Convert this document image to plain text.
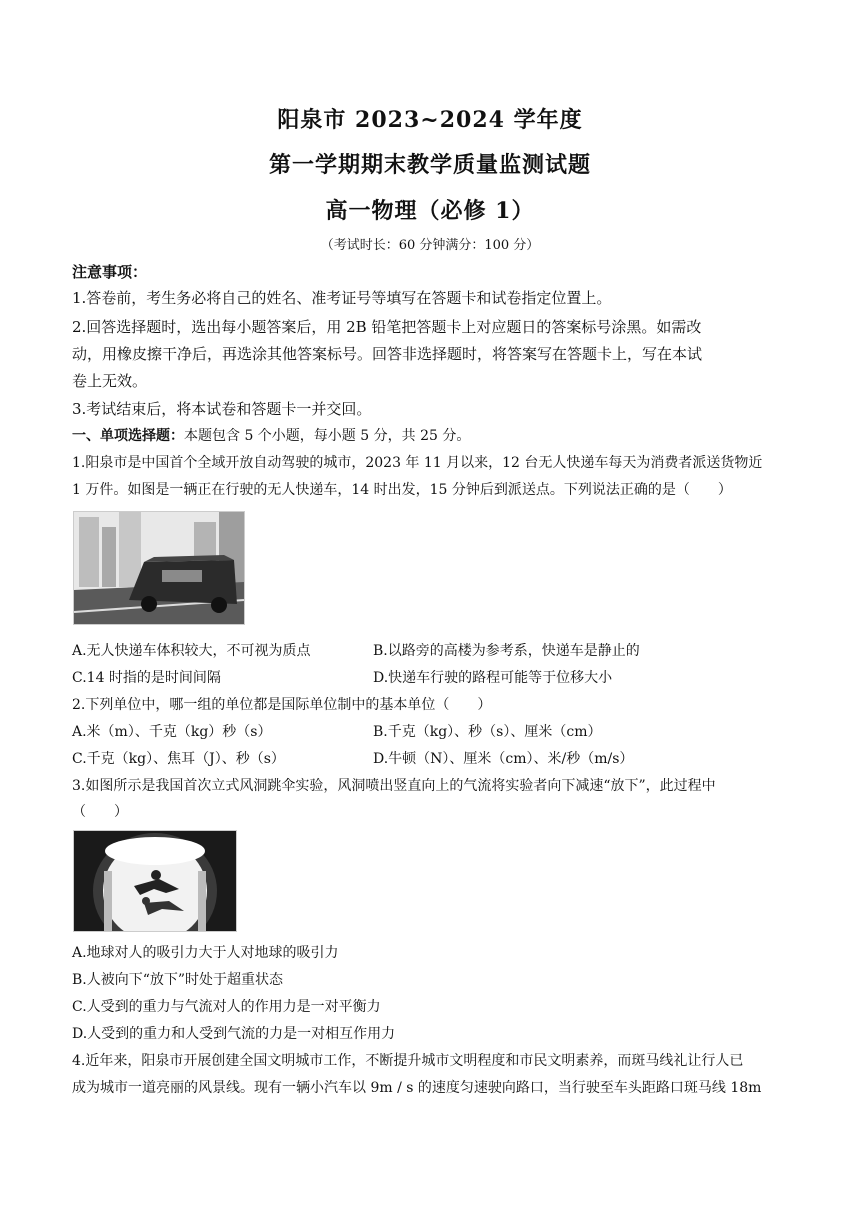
阳泉市 2023~2024 学年度
第一学期期末教学质量监测试题
高一物理（必修 1）
（考试时长：60 分钟满分：100 分）
注意事项：
1.答卷前，考生务必将自己的姓名、准考证号等填写在答题卡和试卷指定位置上。
2.回答选择题时，选出每小题答案后，用 2B 铅笔把答题卡上对应题日的答案标号涂黑。如需改
动，用橡皮擦干净后，再选涂其他答案标号。回答非选择题时，将答案写在答题卡上，写在本试
卷上无效。
3.考试结束后，将本试卷和答题卡一并交回。
一、单项选择题：本题包含 5 个小题，每小题 5 分，共 25 分。
1.阳泉市是中国首个全域开放自动驾驶的城市，2023 年 11 月以来，12 台无人快递车每天为消费者派送货物近
1 万件。如图是一辆正在行驶的无人快递车，14 时出发，15 分钟后到派送点。下列说法正确的是（　　）
A.无人快递车体积较大，不可视为质点	B.以路旁的高楼为参考系，快递车是静止的
C.14 时指的是时间间隔	D.快递车行驶的路程可能等于位移大小
2.下列单位中，哪一组的单位都是国际单位制中的基本单位（　　）
A.米（m）、千克（kg）秒（s）	B.千克（kg）、秒（s）、厘米（cm）
C.千克（kg）、焦耳（J）、秒（s）	D.牛顿（N）、厘米（cm）、米/秒（m/s）
3.如图所示是我国首次立式风洞跳伞实验，风洞喷出竖直向上的气流将实验者向下减速“放下”，此过程中
（　　）
A.地球对人的吸引力大于人对地球的吸引力
B.人被向下“放下”时处于超重状态
C.人受到的重力与气流对人的作用力是一对平衡力
D.人受到的重力和人受到气流的力是一对相互作用力
4.近年来，阳泉市开展创建全国文明城市工作，不断提升城市文明程度和市民文明素养，而斑马线礼让行人已
成为城市一道亮丽的风景线。现有一辆小汽车以 9m / s 的速度匀速驶向路口，当行驶至车头距路口斑马线 18m
